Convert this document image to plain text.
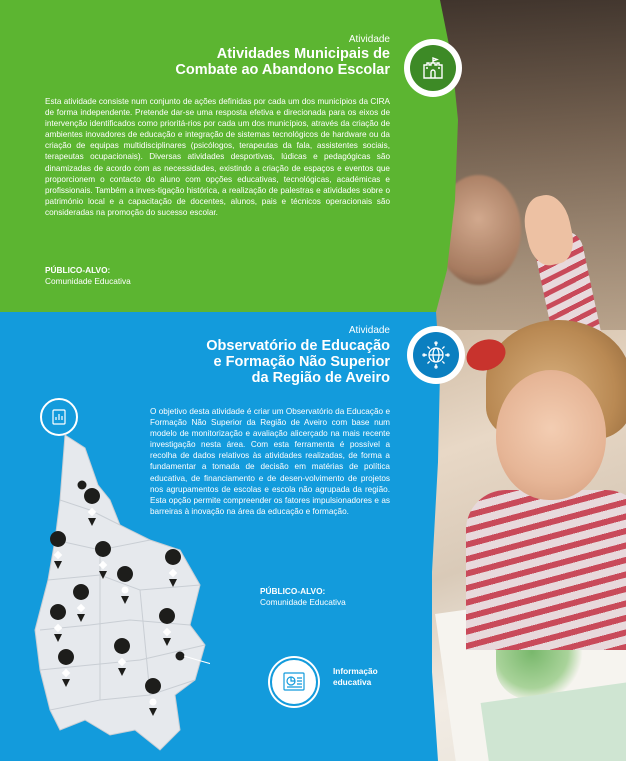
Atividade
Atividades Municipais de
Combate ao Abandono Escolar
Esta atividade consiste num conjunto de ações definidas por cada um dos municípios da CIRA de forma independente. Pretende dar-se uma resposta efetiva e direcionada para os eixos de intervenção identificados como prioritá-rios por cada um dos municípios, através da criação de ambientes inovadores de educação e integração de sistemas tecnológicos de hardware ou da criação de equipas multidisciplinares (psicólogos, terapeutas da fala, assistentes sociais, terapeutas ocupacionais). Diversas atividades desportivas, lúdicas e pedagógicas são dinamizadas de acordo com as necessidades, existindo a criação de espaços e eventos que proporcionem o contacto do aluno com opções educativas, tecnológicas, académicas e profissionais. Também a inves-tigação histórica, a realização de palestras e atividades sobre o património local e a capacitação de docentes, alunos, pais e técnicos operacionais são consideradas na promoção do sucesso escolar.
PÚBLICO-ALVO:
Comunidade Educativa
Atividade
Observatório de Educação
e Formação Não Superior
da Região de Aveiro
O objetivo desta atividade é criar um Observatório da Educação e Formação Não Superior da Região de Aveiro com base num modelo de monitorização e avaliação alicerçado na mais recente investigação nesta área. Com esta ferramenta é possível a recolha de dados relativos às atividades realizadas, de forma a fundamentar a tomada de decisão em matérias de política educativa, de financiamento e de desen-volvimento de projetos nos agrupamentos de escolas e escola não agrupada da região. Esta opção permite compreender os fatores impulsionadores e as barreiras à inovação na área da educação e formação.
PÚBLICO-ALVO:
Comunidade Educativa
Informação
educativa
